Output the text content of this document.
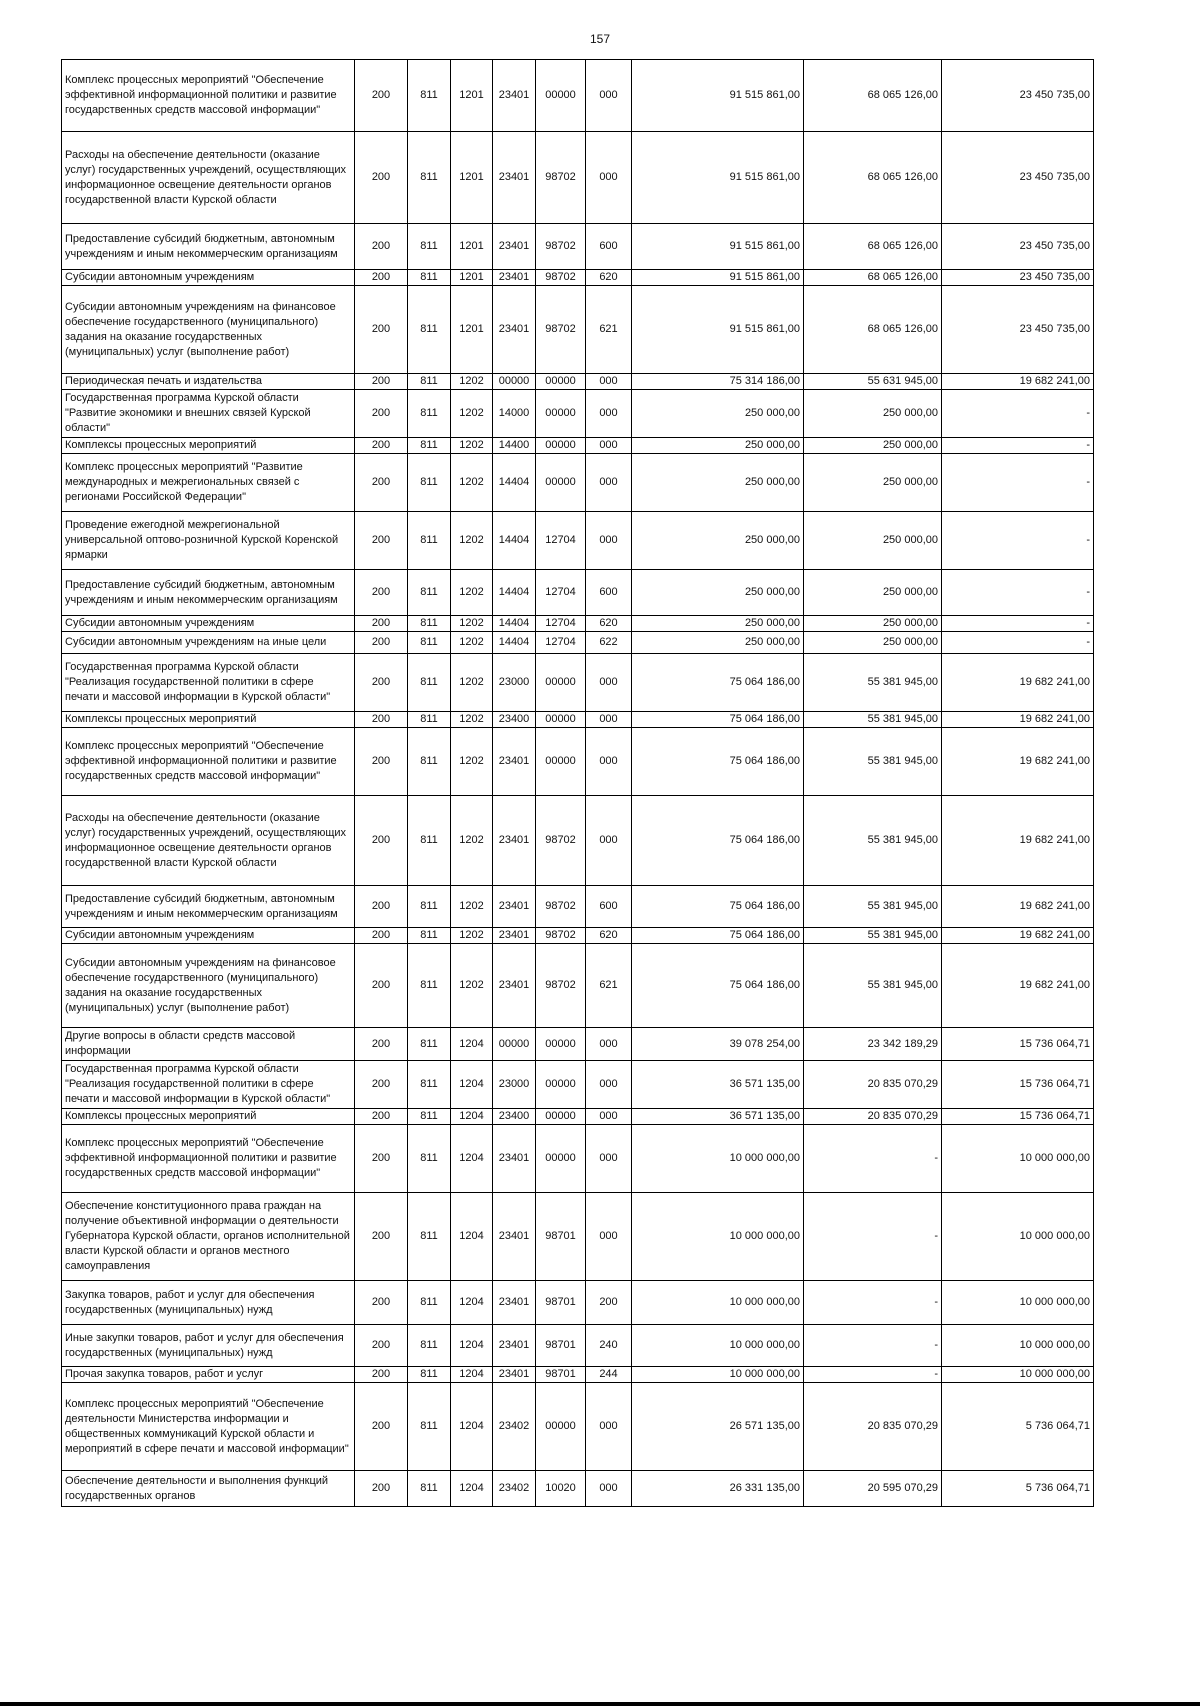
157
Комплекс процессных мероприятий "Обеспечение эффективной информационной политики и развитие государственных средств массовой информации"	200	811	1201	23401	00000	000	91 515 861,00	68 065 126,00	23 450 735,00
Расходы на обеспечение деятельности (оказание услуг) государственных учреждений, осуществляющих информационное освещение деятельности органов государственной власти Курской области	200	811	1201	23401	98702	000	91 515 861,00	68 065 126,00	23 450 735,00
Предоставление субсидий бюджетным, автономным учреждениям и иным некоммерческим организациям	200	811	1201	23401	98702	600	91 515 861,00	68 065 126,00	23 450 735,00
Субсидии автономным учреждениям	200	811	1201	23401	98702	620	91 515 861,00	68 065 126,00	23 450 735,00
Субсидии автономным учреждениям на финансовое обеспечение государственного (муниципального) задания на оказание государственных (муниципальных) услуг (выполнение работ)	200	811	1201	23401	98702	621	91 515 861,00	68 065 126,00	23 450 735,00
Периодическая печать и издательства	200	811	1202	00000	00000	000	75 314 186,00	55 631 945,00	19 682 241,00
Государственная программа Курской области "Развитие экономики и внешних связей Курской области"	200	811	1202	14000	00000	000	250 000,00	250 000,00	-
Комплексы процессных мероприятий	200	811	1202	14400	00000	000	250 000,00	250 000,00	-
Комплекс процессных мероприятий "Развитие международных и межрегиональных связей с регионами Российской Федерации"	200	811	1202	14404	00000	000	250 000,00	250 000,00	-
Проведение ежегодной межрегиональной универсальной оптово-розничной Курской Коренской ярмарки	200	811	1202	14404	12704	000	250 000,00	250 000,00	-
Предоставление субсидий бюджетным, автономным учреждениям и иным некоммерческим организациям	200	811	1202	14404	12704	600	250 000,00	250 000,00	-
Субсидии автономным учреждениям	200	811	1202	14404	12704	620	250 000,00	250 000,00	-
Субсидии автономным учреждениям на иные цели	200	811	1202	14404	12704	622	250 000,00	250 000,00	-
Государственная программа Курской области "Реализация государственной политики в сфере печати и массовой информации в Курской области"	200	811	1202	23000	00000	000	75 064 186,00	55 381 945,00	19 682 241,00
Комплексы процессных мероприятий	200	811	1202	23400	00000	000	75 064 186,00	55 381 945,00	19 682 241,00
Комплекс процессных мероприятий "Обеспечение эффективной информационной политики и развитие государственных средств массовой информации"	200	811	1202	23401	00000	000	75 064 186,00	55 381 945,00	19 682 241,00
Расходы на обеспечение деятельности (оказание услуг) государственных учреждений, осуществляющих информационное освещение деятельности органов государственной власти Курской области	200	811	1202	23401	98702	000	75 064 186,00	55 381 945,00	19 682 241,00
Предоставление субсидий бюджетным, автономным учреждениям и иным некоммерческим организациям	200	811	1202	23401	98702	600	75 064 186,00	55 381 945,00	19 682 241,00
Субсидии автономным учреждениям	200	811	1202	23401	98702	620	75 064 186,00	55 381 945,00	19 682 241,00
Субсидии автономным учреждениям на финансовое обеспечение государственного (муниципального) задания на оказание государственных (муниципальных) услуг (выполнение работ)	200	811	1202	23401	98702	621	75 064 186,00	55 381 945,00	19 682 241,00
Другие вопросы в области средств массовой информации	200	811	1204	00000	00000	000	39 078 254,00	23 342 189,29	15 736 064,71
Государственная программа Курской области "Реализация государственной политики в сфере печати и массовой информации в Курской области"	200	811	1204	23000	00000	000	36 571 135,00	20 835 070,29	15 736 064,71
Комплексы процессных мероприятий	200	811	1204	23400	00000	000	36 571 135,00	20 835 070,29	15 736 064,71
Комплекс процессных мероприятий "Обеспечение эффективной информационной политики и развитие государственных средств массовой информации"	200	811	1204	23401	00000	000	10 000 000,00	-	10 000 000,00
Обеспечение конституционного права граждан на получение объективной информации о деятельности Губернатора Курской области, органов исполнительной власти Курской области и органов местного самоуправления	200	811	1204	23401	98701	000	10 000 000,00	-	10 000 000,00
Закупка товаров, работ и услуг для обеспечения государственных (муниципальных) нужд	200	811	1204	23401	98701	200	10 000 000,00	-	10 000 000,00
Иные закупки товаров, работ и услуг для обеспечения государственных (муниципальных) нужд	200	811	1204	23401	98701	240	10 000 000,00	-	10 000 000,00
Прочая закупка товаров, работ и услуг	200	811	1204	23401	98701	244	10 000 000,00	-	10 000 000,00
Комплекс процессных мероприятий "Обеспечение деятельности Министерства информации и общественных коммуникаций Курской области и мероприятий в сфере печати и массовой информации"	200	811	1204	23402	00000	000	26 571 135,00	20 835 070,29	5 736 064,71
Обеспечение деятельности и выполнения функций государственных органов	200	811	1204	23402	10020	000	26 331 135,00	20 595 070,29	5 736 064,71
